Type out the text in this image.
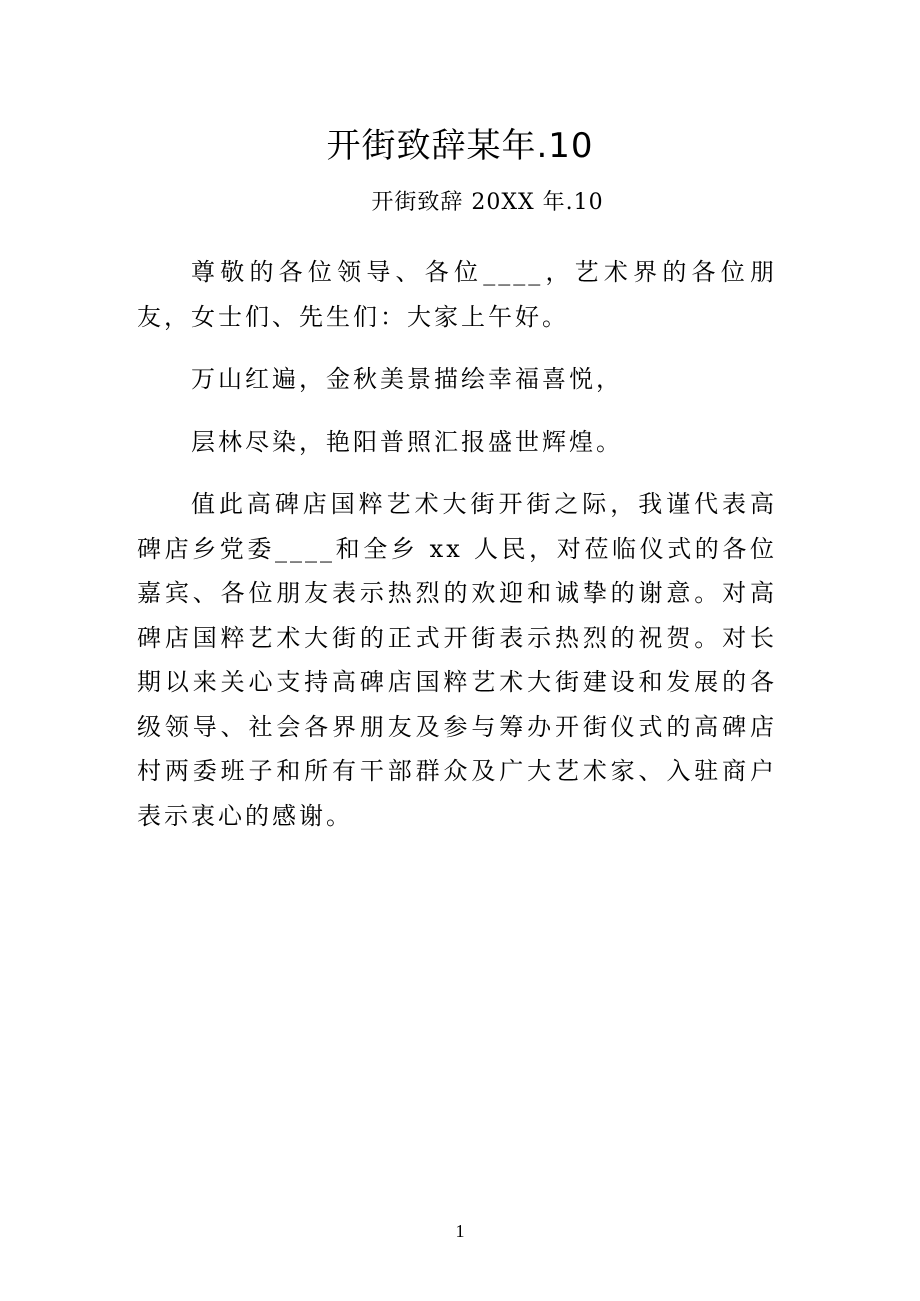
开街致辞某年.10
开街致辞 20XX 年.10

尊敬的各位领导、各位____，艺术界的各位朋友，女士们、先生们：大家上午好。

万山红遍，金秋美景描绘幸福喜悦，

层林尽染，艳阳普照汇报盛世辉煌。

值此高碑店国粹艺术大街开街之际，我谨代表高碑店乡党委____和全乡 xx 人民，对莅临仪式的各位嘉宾、各位朋友表示热烈的欢迎和诚挚的谢意。对高碑店国粹艺术大街的正式开街表示热烈的祝贺。对长期以来关心支持高碑店国粹艺术大街建设和发展的各级领导、社会各界朋友及参与筹办开街仪式的高碑店村两委班子和所有干部群众及广大艺术家、入驻商户表示衷心的感谢。

1
